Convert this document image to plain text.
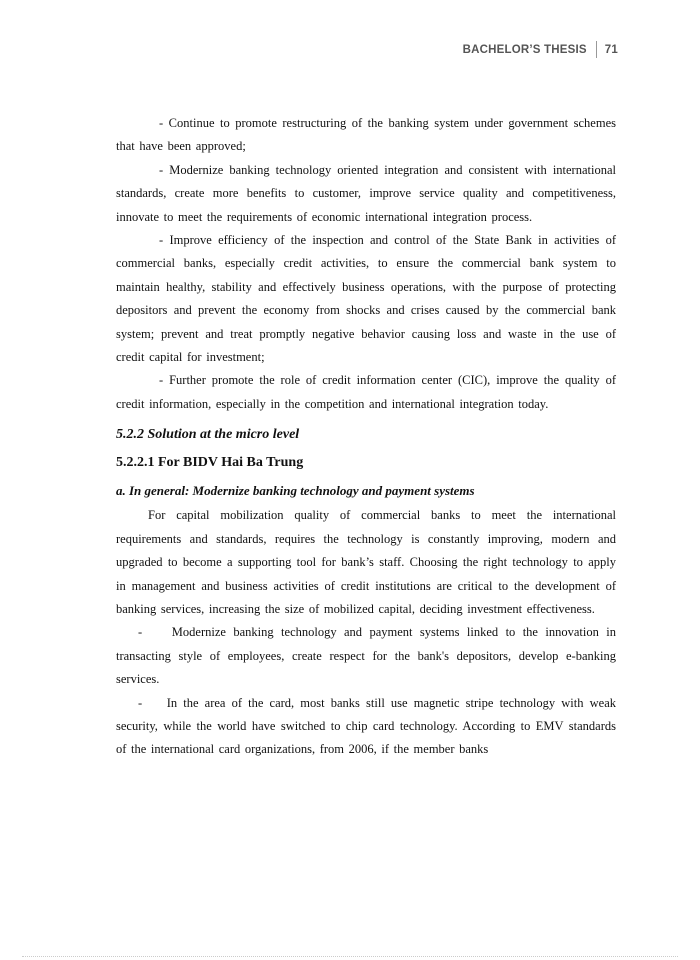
BACHELOR’S THESIS 71

- Continue to promote restructuring of the banking system under government schemes that have been approved;

- Modernize banking technology oriented integration and consistent with international standards, create more benefits to customer, improve service quality and competitiveness, innovate to meet the requirements of economic international integration process.

- Improve efficiency of the inspection and control of the State Bank in activities of commercial banks, especially credit activities, to ensure the commercial bank system to maintain healthy, stability and effectively business operations, with the purpose of protecting depositors and prevent the economy from shocks and crises caused by the commercial bank system; prevent and treat promptly negative behavior causing loss and waste in the use of credit capital for investment;

- Further promote the role of credit information center (CIC), improve the quality of credit information, especially in the competition and international integration today.

5.2.2 Solution at the micro level
5.2.2.1 For BIDV Hai Ba Trung
a. In general: Modernize banking technology and payment systems

For capital mobilization quality of commercial banks to meet the international requirements and standards, requires the technology is constantly improving, modern and upgraded to become a supporting tool for bank’s staff. Choosing the right technology to apply in management and business activities of credit institutions are critical to the development of banking services, increasing the size of mobilized capital, deciding investment effectiveness.

-    Modernize banking technology and payment systems linked to the innovation in transacting style of employees, create respect for the bank's depositors, develop e-banking services.

-    In the area of the card, most banks still use magnetic stripe technology with weak security, while the world have switched to chip card technology. According to EMV standards of the international card organizations, from 2006, if the member banks
